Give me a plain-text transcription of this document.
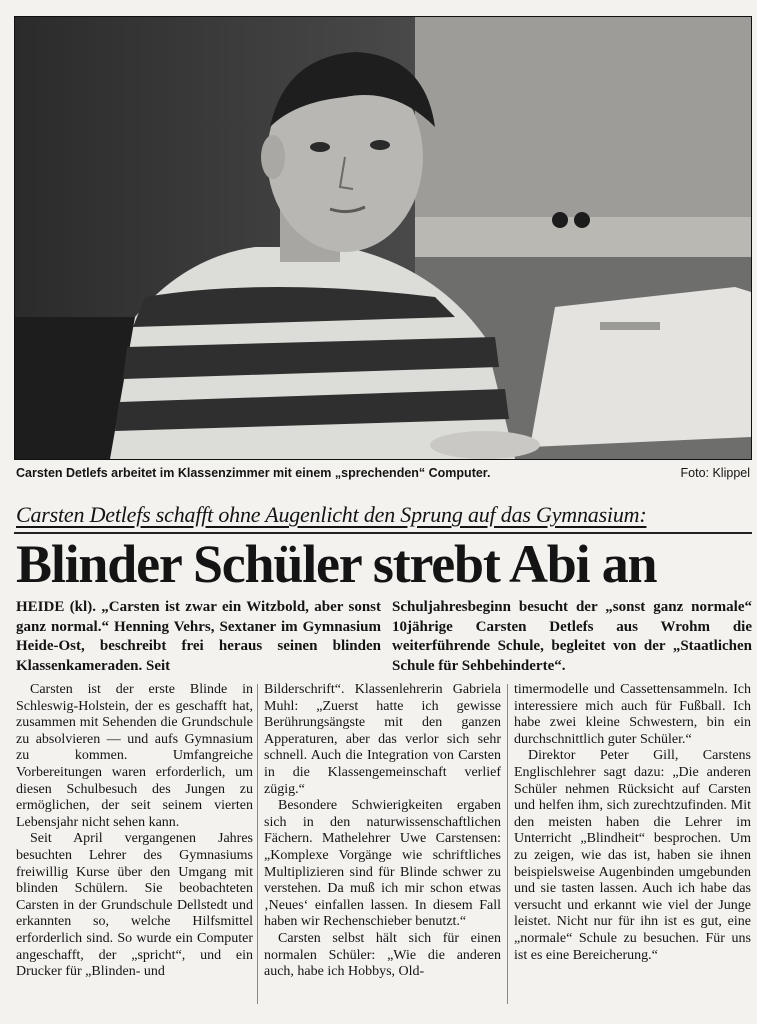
Carsten Detlefs arbeitet im Klassenzimmer mit einem „sprechenden“ Computer.	Foto: Klippel
Carsten Detlefs schafft ohne Augenlicht den Sprung auf das Gymnasium:
Blinder Schüler strebt Abi an
HEIDE (kl). „Carsten ist zwar ein Witzbold, aber sonst ganz normal.“ Henning Vehrs, Sextaner im Gymnasium Heide-Ost, beschreibt frei heraus seinen blinden Klassenkameraden. Seit
Schuljahresbeginn besucht der „sonst ganz normale“ 10jährige Carsten Detlefs aus Wrohm die weiterführende Schule, begleitet von der „Staatlichen Schule für Sehbehinderte“.

Carsten ist der erste Blinde in Schleswig-Holstein, der es geschafft hat, zusammen mit Sehenden die Grundschule zu absolvieren — und aufs Gymnasium zu kommen. Umfangreiche Vorbereitungen waren erforderlich, um diesen Schulbesuch des Jungen zu ermöglichen, der seit seinem vierten Lebensjahr nicht sehen kann.

Seit April vergangenen Jahres besuchten Lehrer des Gymnasiums freiwillig Kurse über den Umgang mit blinden Schülern. Sie beobachteten Carsten in der Grundschule Dellstedt und erkannten so, welche Hilfsmittel erforderlich sind. So wurde ein Computer angeschafft, der „spricht“, und ein Drucker für „Blinden- und

Bilderschrift“. Klassenlehrerin Gabriela Muhl: „Zuerst hatte ich gewisse Berührungsängste mit den ganzen Apperaturen, aber das verlor sich sehr schnell. Auch die Integration von Carsten in die Klassengemeinschaft verlief zügig.“

Besondere Schwierigkeiten ergaben sich in den naturwissenschaftlichen Fächern. Mathelehrer Uwe Carstensen: „Komplexe Vorgänge wie schriftliches Multiplizieren sind für Blinde schwer zu verstehen. Da muß ich mir schon etwas ‚Neues‘ einfallen lassen. In diesem Fall haben wir Rechenschieber benutzt.“

Carsten selbst hält sich für einen normalen Schüler: „Wie die anderen auch, habe ich Hobbys, Old-

timermodelle und Cassettensammeln. Ich interessiere mich auch für Fußball. Ich habe zwei kleine Schwestern, bin ein durchschnittlich guter Schüler.“

Direktor Peter Gill, Carstens Englischlehrer sagt dazu: „Die anderen Schüler nehmen Rücksicht auf Carsten und helfen ihm, sich zurechtzufinden. Mit den meisten haben die Lehrer im Unterricht „Blindheit“ besprochen. Um zu zeigen, wie das ist, haben sie ihnen beispielsweise Augenbinden umgebunden und sie tasten lassen. Auch ich habe das versucht und erkannt wie viel der Junge leistet. Nicht nur für ihn ist es gut, eine „normale“ Schule zu besuchen. Für uns ist es eine Bereicherung.“
